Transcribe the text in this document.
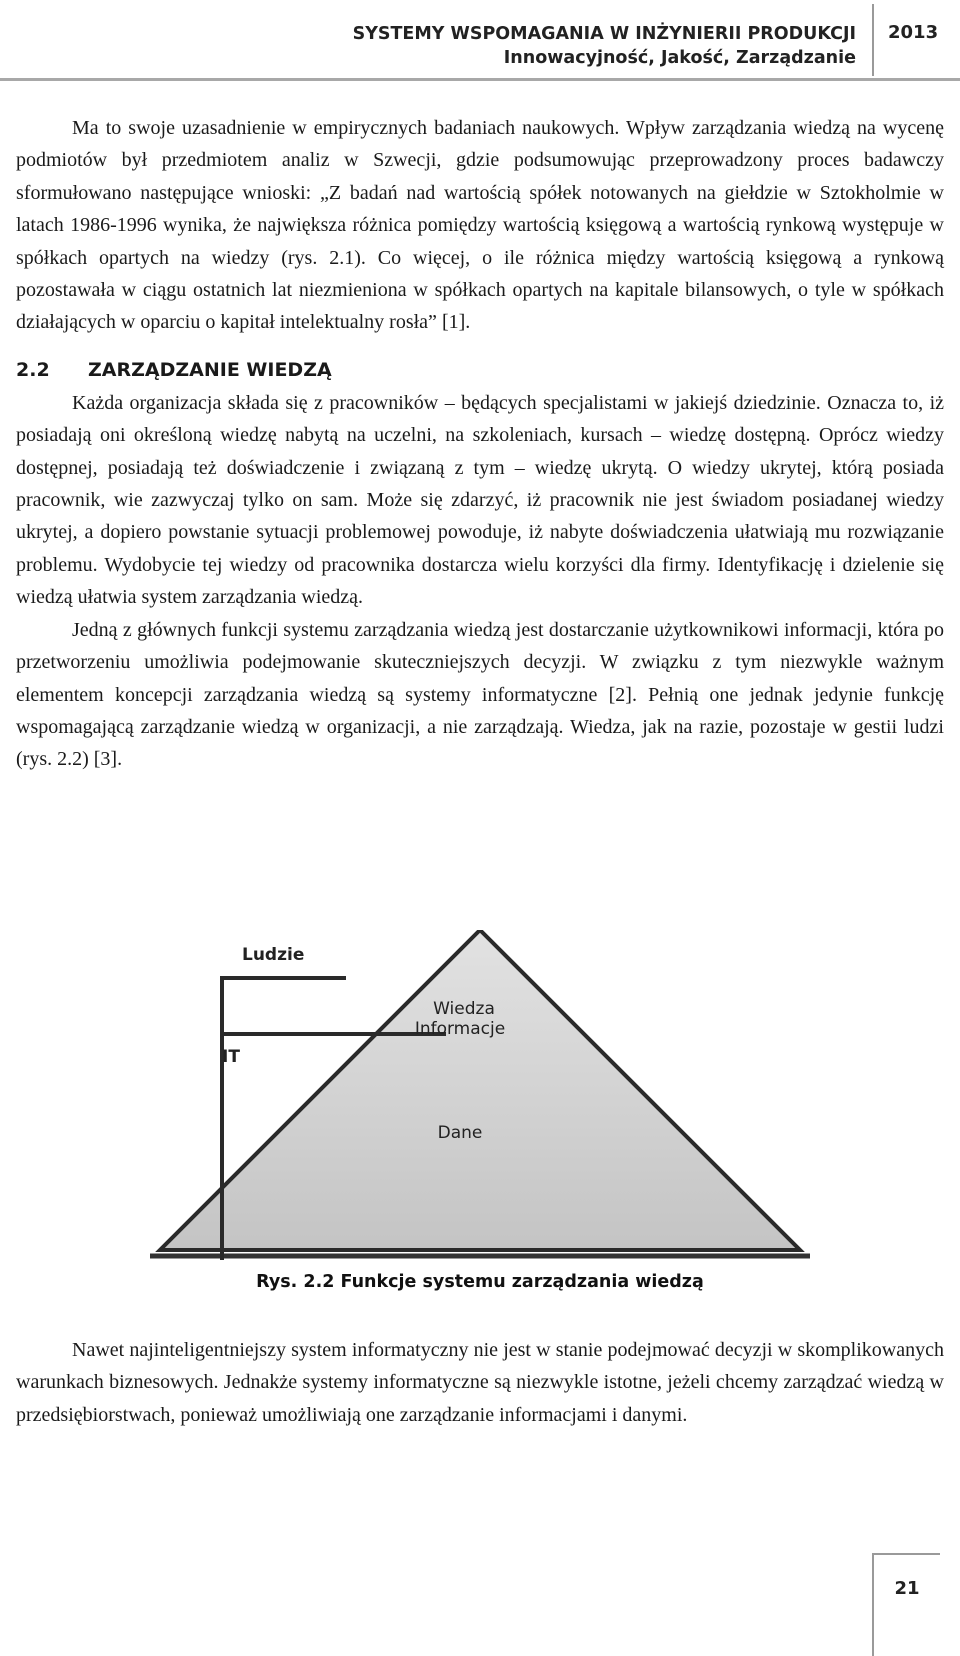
SYSTEMY WSPOMAGANIA W INŻYNIERII PRODUKCJI
Innowacyjność, Jakość, Zarządzanie
2013

Ma to swoje uzasadnienie w empirycznych badaniach naukowych. Wpływ zarządzania wiedzą na wycenę podmiotów był przedmiotem analiz w Szwecji, gdzie podsumowując przeprowadzony proces badawczy sformułowano następujące wnioski: „Z badań nad wartością spółek notowanych na giełdzie w Sztokholmie w latach 1986-1996 wynika, że największa różnica pomiędzy wartością księgową a wartością rynkową występuje w spółkach opartych na wiedzy (rys. 2.1). Co więcej, o ile różnica między wartością księgową a rynkową pozostawała w ciągu ostatnich lat niezmieniona w spółkach opartych na kapitale bilansowych, o tyle w spółkach działających w oparciu o kapitał intelektualny rosła” [1].

2.2 ZARZĄDZANIE WIEDZĄ

Każda organizacja składa się z pracowników – będących specjalistami w jakiejś dziedzinie. Oznacza to, iż posiadają oni określoną wiedzę nabytą na uczelni, na szkoleniach, kursach – wiedzę dostępną. Oprócz wiedzy dostępnej, posiadają też doświadczenie i związaną z tym – wiedzę ukrytą. O wiedzy ukrytej, którą posiada pracownik, wie zazwyczaj tylko on sam. Może się zdarzyć, iż pracownik nie jest świadom posiadanej wiedzy ukrytej, a dopiero powstanie sytuacji problemowej powoduje, iż nabyte doświadczenia ułatwiają mu rozwiązanie problemu. Wydobycie tej wiedzy od pracownika dostarcza wielu korzyści dla firmy. Identyfikację i dzielenie się wiedzą ułatwia system zarządzania wiedzą.

Jedną z głównych funkcji systemu zarządzania wiedzą jest dostarczanie użytkownikowi informacji, która po przetworzeniu umożliwia podejmowanie skuteczniejszych decyzji. W związku z tym niezwykle ważnym elementem koncepcji zarządzania wiedzą są systemy informatyczne [2]. Pełnią one jednak jedynie funkcję wspomagającą zarządzanie wiedzą w organizacji, a nie zarządzają. Wiedza, jak na razie, pozostaje w gestii ludzi (rys. 2.2) [3].

Ludzie
IT
Wiedza
Informacje
Dane
Rys. 2.2 Funkcje systemu zarządzania wiedzą

Nawet najinteligentniejszy system informatyczny nie jest w stanie podejmować decyzji w skomplikowanych warunkach biznesowych. Jednakże systemy informatyczne są niezwykle istotne, jeżeli chcemy zarządzać wiedzą w przedsiębiorstwach, ponieważ umożliwiają one zarządzanie informacjami i danymi.

21
